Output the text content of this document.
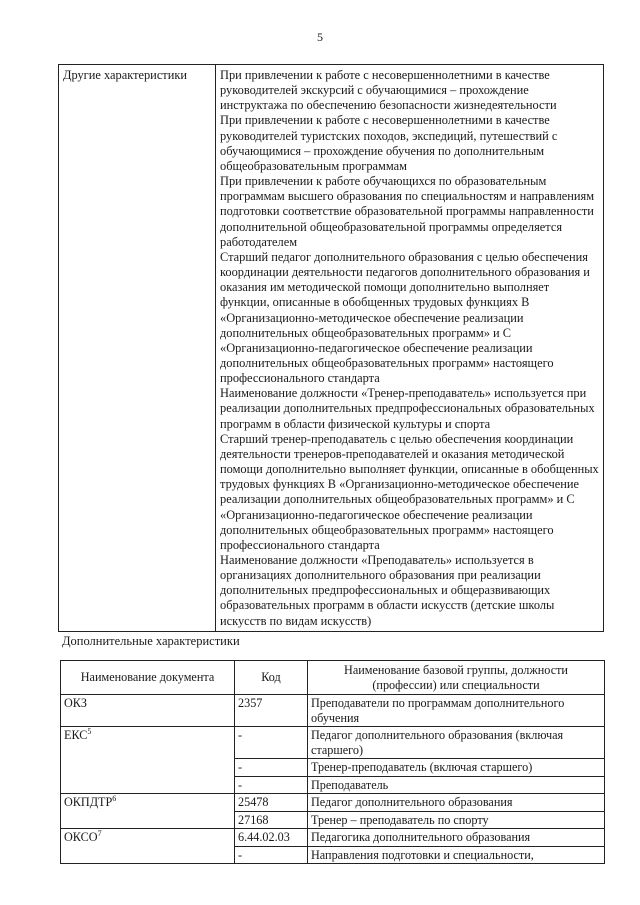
5
Другие характеристики	При привлечении к работе с несовершеннолетними в качестве руководителей экскурсий с обучающимися – прохождение инструктажа по обеспечению безопасности жизнедеятельности
При привлечении к работе с несовершеннолетними в качестве руководителей туристских походов, экспедиций, путешествий с обучающимися – прохождение обучения по дополнительным общеобразовательным программам
При привлечении к работе обучающихся по образовательным программам высшего образования по специальностям и направлениям подготовки соответствие образовательной программы направленности дополнительной общеобразовательной программы определяется работодателем
Старший педагог дополнительного образования с целью обеспечения координации деятельности педагогов дополнительного образования и оказания им методической помощи дополнительно выполняет функции, описанные в обобщенных трудовых функциях В «Организационно-методическое обеспечение реализации дополнительных общеобразовательных программ» и С «Организационно-педагогическое обеспечение реализации дополнительных общеобразовательных программ» настоящего профессионального стандарта
Наименование должности «Тренер-преподаватель» используется при реализации дополнительных предпрофессиональных образовательных программ в области физической культуры и спорта
Старший тренер-преподаватель с целью обеспечения координации деятельности тренеров-преподавателей и оказания методической помощи дополнительно выполняет функции, описанные в обобщенных трудовых функциях В «Организационно-методическое обеспечение реализации дополнительных общеобразовательных программ» и С «Организационно-педагогическое обеспечение реализации дополнительных общеобразовательных программ» настоящего профессионального стандарта
Наименование должности «Преподаватель» используется в организациях дополнительного образования при реализации дополнительных предпрофессиональных и общеразвивающих образовательных программ в области искусств (детские школы искусств по видам искусств)
Дополнительные характеристики
Наименование документа	Код	Наименование базовой группы, должности (профессии) или специальности
ОКЗ	2357	Преподаватели по программам дополнительного обучения
ЕКС$^5$	-	Педагог дополнительного образования (включая старшего)
	-	Тренер-преподаватель (включая старшего)
	-	Преподаватель
ОКПДТР$^6$	25478	Педагог дополнительного образования
	27168	Тренер – преподаватель по спорту
ОКСО$^7$	6.44.02.03	Педагогика дополнительного образования
	-	Направления подготовки и специальности,
